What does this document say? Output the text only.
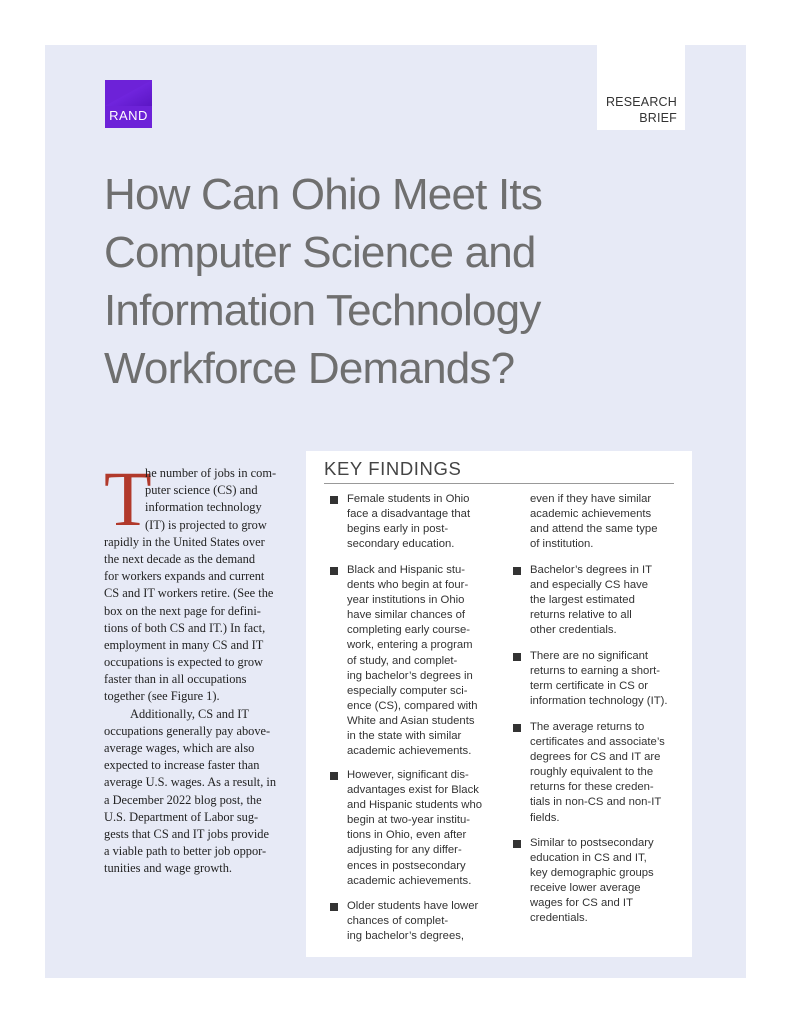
RAND
RESEARCH
BRIEF
How Can Ohio Meet Its
Computer Science and
Information Technology
Workforce Demands?
T
he number of jobs in com-
puter science (CS) and
information technology
(IT) is projected to grow
rapidly in the United States over
the next decade as the demand
for workers expands and current
CS and IT workers retire. (See the
box on the next page for defini-
tions of both CS and IT.) In fact,
employment in many CS and IT
occupations is expected to grow
faster than in all occupations
together (see Figure 1).
Additionally, CS and IT
occupations generally pay above-
average wages, which are also
expected to increase faster than
average U.S. wages. As a result, in
a December 2022 blog post, the
U.S. Department of Labor sug-
gests that CS and IT jobs provide
a viable path to better job oppor-
tunities and wage growth.
KEY FINDINGS
Female students in Ohio
face a disadvantage that
begins early in post-
secondary education.
Black and Hispanic stu-
dents who begin at four-
year institutions in Ohio
have similar chances of
completing early course-
work, entering a program
of study, and complet-
ing bachelor’s degrees in
especially computer sci-
ence (CS), compared with
White and Asian students
in the state with similar
academic achievements.
However, significant dis-
advantages exist for Black
and Hispanic students who
begin at two-year institu-
tions in Ohio, even after
adjusting for any differ-
ences in postsecondary
academic achievements.
Older students have lower
chances of complet-
ing bachelor’s degrees,
even if they have similar
academic achievements
and attend the same type
of institution.
Bachelor’s degrees in IT
and especially CS have
the largest estimated
returns relative to all
other credentials.
There are no significant
returns to earning a short-
term certificate in CS or
information technology (IT).
The average returns to
certificates and associate’s
degrees for CS and IT are
roughly equivalent to the
returns for these creden-
tials in non-CS and non-IT
fields.
Similar to postsecondary
education in CS and IT,
key demographic groups
receive lower average
wages for CS and IT
credentials.
